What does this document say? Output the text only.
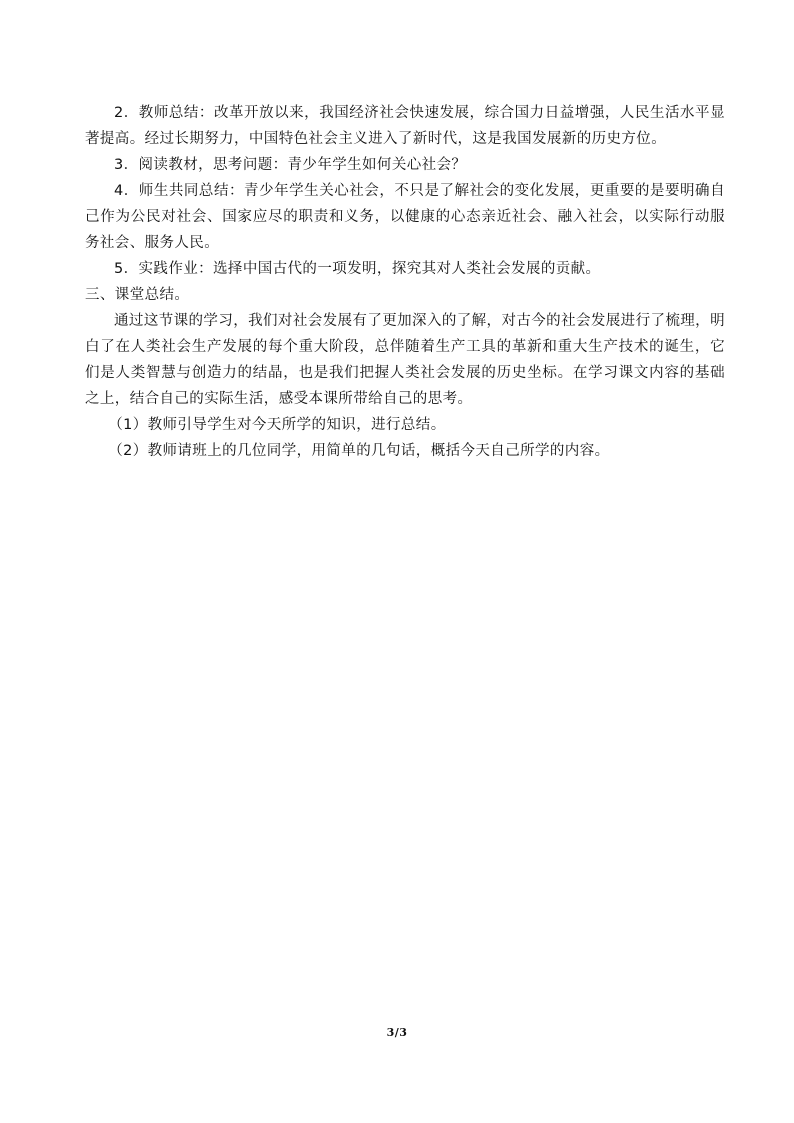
2．教师总结：改革开放以来，我国经济社会快速发展，综合国力日益增强，人民生活水平显著提高。经过长期努力，中国特色社会主义进入了新时代，这是我国发展新的历史方位。

3．阅读教材，思考问题：青少年学生如何关心社会？

4．师生共同总结：青少年学生关心社会，不只是了解社会的变化发展，更重要的是要明确自己作为公民对社会、国家应尽的职责和义务，以健康的心态亲近社会、融入社会，以实际行动服务社会、服务人民。

5．实践作业：选择中国古代的一项发明，探究其对人类社会发展的贡献。

三、课堂总结。

通过这节课的学习，我们对社会发展有了更加深入的了解，对古今的社会发展进行了梳理，明白了在人类社会生产发展的每个重大阶段，总伴随着生产工具的革新和重大生产技术的诞生，它们是人类智慧与创造力的结晶，也是我们把握人类社会发展的历史坐标。在学习课文内容的基础之上，结合自己的实际生活，感受本课所带给自己的思考。

（1）教师引导学生对今天所学的知识，进行总结。

（2）教师请班上的几位同学，用简单的几句话，概括今天自己所学的内容。

3/3
